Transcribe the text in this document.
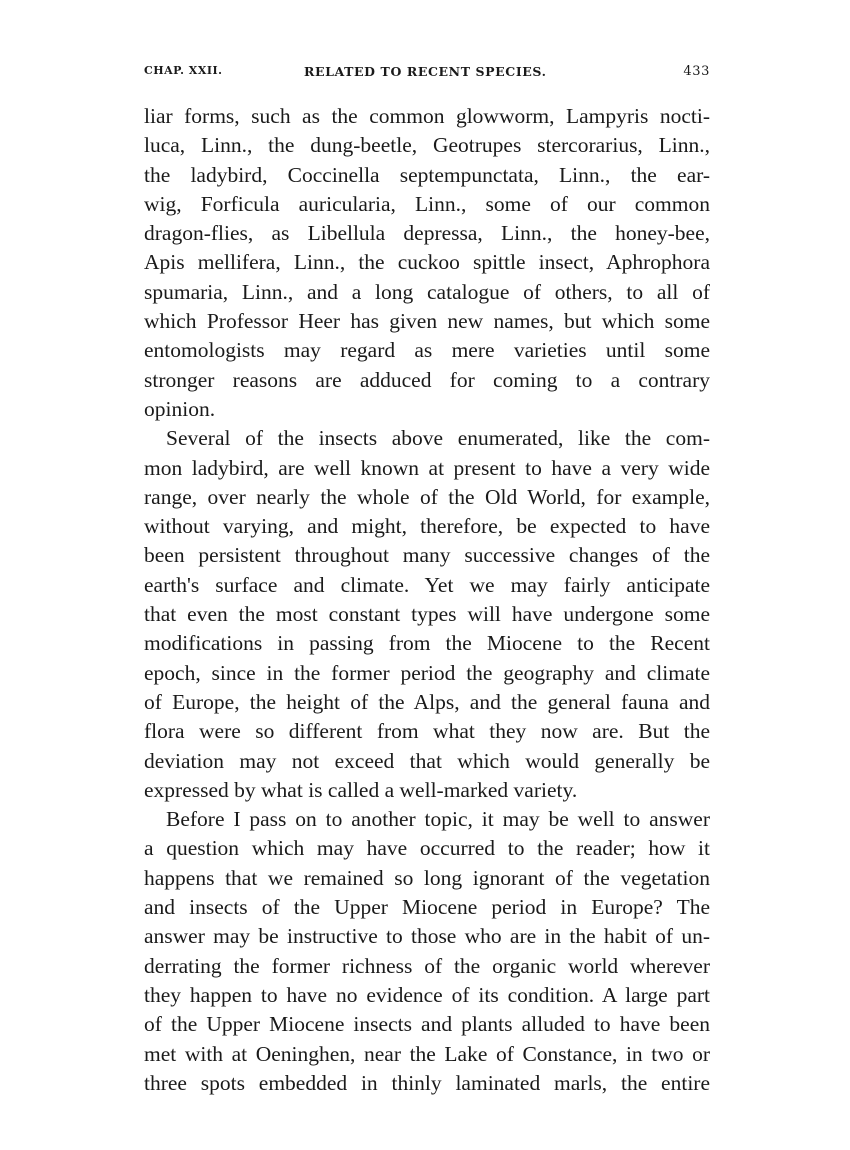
CHAP. XXII.	RELATED TO RECENT SPECIES.	433
liar forms, such as the common glowworm, Lampyris nocti-
luca, Linn., the dung-beetle, Geotrupes stercorarius, Linn.,
the ladybird, Coccinella septempunctata, Linn., the ear-
wig, Forficula auricularia, Linn., some of our common
dragon-flies, as Libellula depressa, Linn., the honey-bee,
Apis mellifera, Linn., the cuckoo spittle insect, Aphrophora
spumaria, Linn., and a long catalogue of others, to all of
which Professor Heer has given new names, but which some
entomologists may regard as mere varieties until some
stronger reasons are adduced for coming to a contrary
opinion.
Several of the insects above enumerated, like the com-
mon ladybird, are well known at present to have a very wide
range, over nearly the whole of the Old World, for example,
without varying, and might, therefore, be expected to have
been persistent throughout many successive changes of the
earth's surface and climate. Yet we may fairly anticipate
that even the most constant types will have undergone some
modifications in passing from the Miocene to the Recent
epoch, since in the former period the geography and climate
of Europe, the height of the Alps, and the general fauna and
flora were so different from what they now are. But the
deviation may not exceed that which would generally be
expressed by what is called a well-marked variety.
Before I pass on to another topic, it may be well to answer
a question which may have occurred to the reader; how it
happens that we remained so long ignorant of the vegetation
and insects of the Upper Miocene period in Europe? The
answer may be instructive to those who are in the habit of un-
derrating the former richness of the organic world wherever
they happen to have no evidence of its condition. A large part
of the Upper Miocene insects and plants alluded to have been
met with at Oeninghen, near the Lake of Constance, in two or
three spots embedded in thinly laminated marls, the entire
